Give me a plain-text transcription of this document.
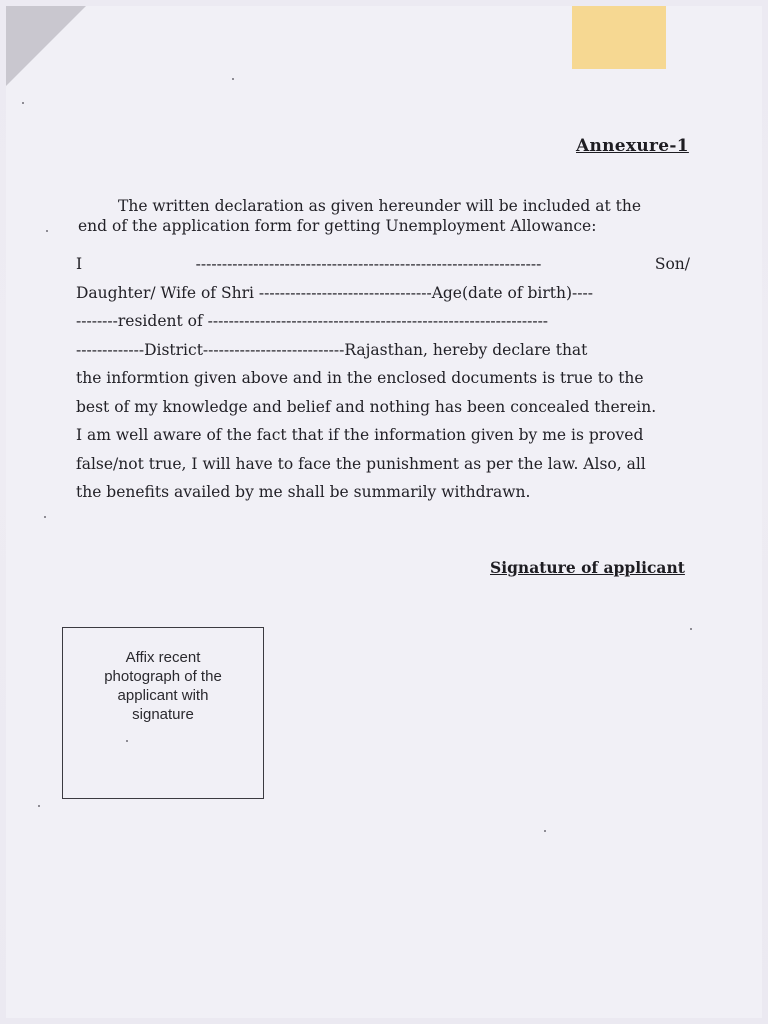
Annexure-1
The written declaration as given hereunder will be included at the
end of the application form for getting Unemployment Allowance:
I	------------------------------------------------------------------	Son/
Daughter/ Wife of Shri ---------------------------------Age(date of birth)----
--------resident of -----------------------------------------------------------------
-------------District---------------------------Rajasthan, hereby declare that
the informtion given above and in the enclosed documents is true to the
best of my knowledge and belief and nothing has been concealed therein.
I am well aware of the fact that if the information given by me is proved
false/not true, I will have to face the punishment as per the law. Also, all
the benefits availed by me shall be summarily withdrawn.
Signature of applicant
Affix recent
photograph of the
applicant with
signature
